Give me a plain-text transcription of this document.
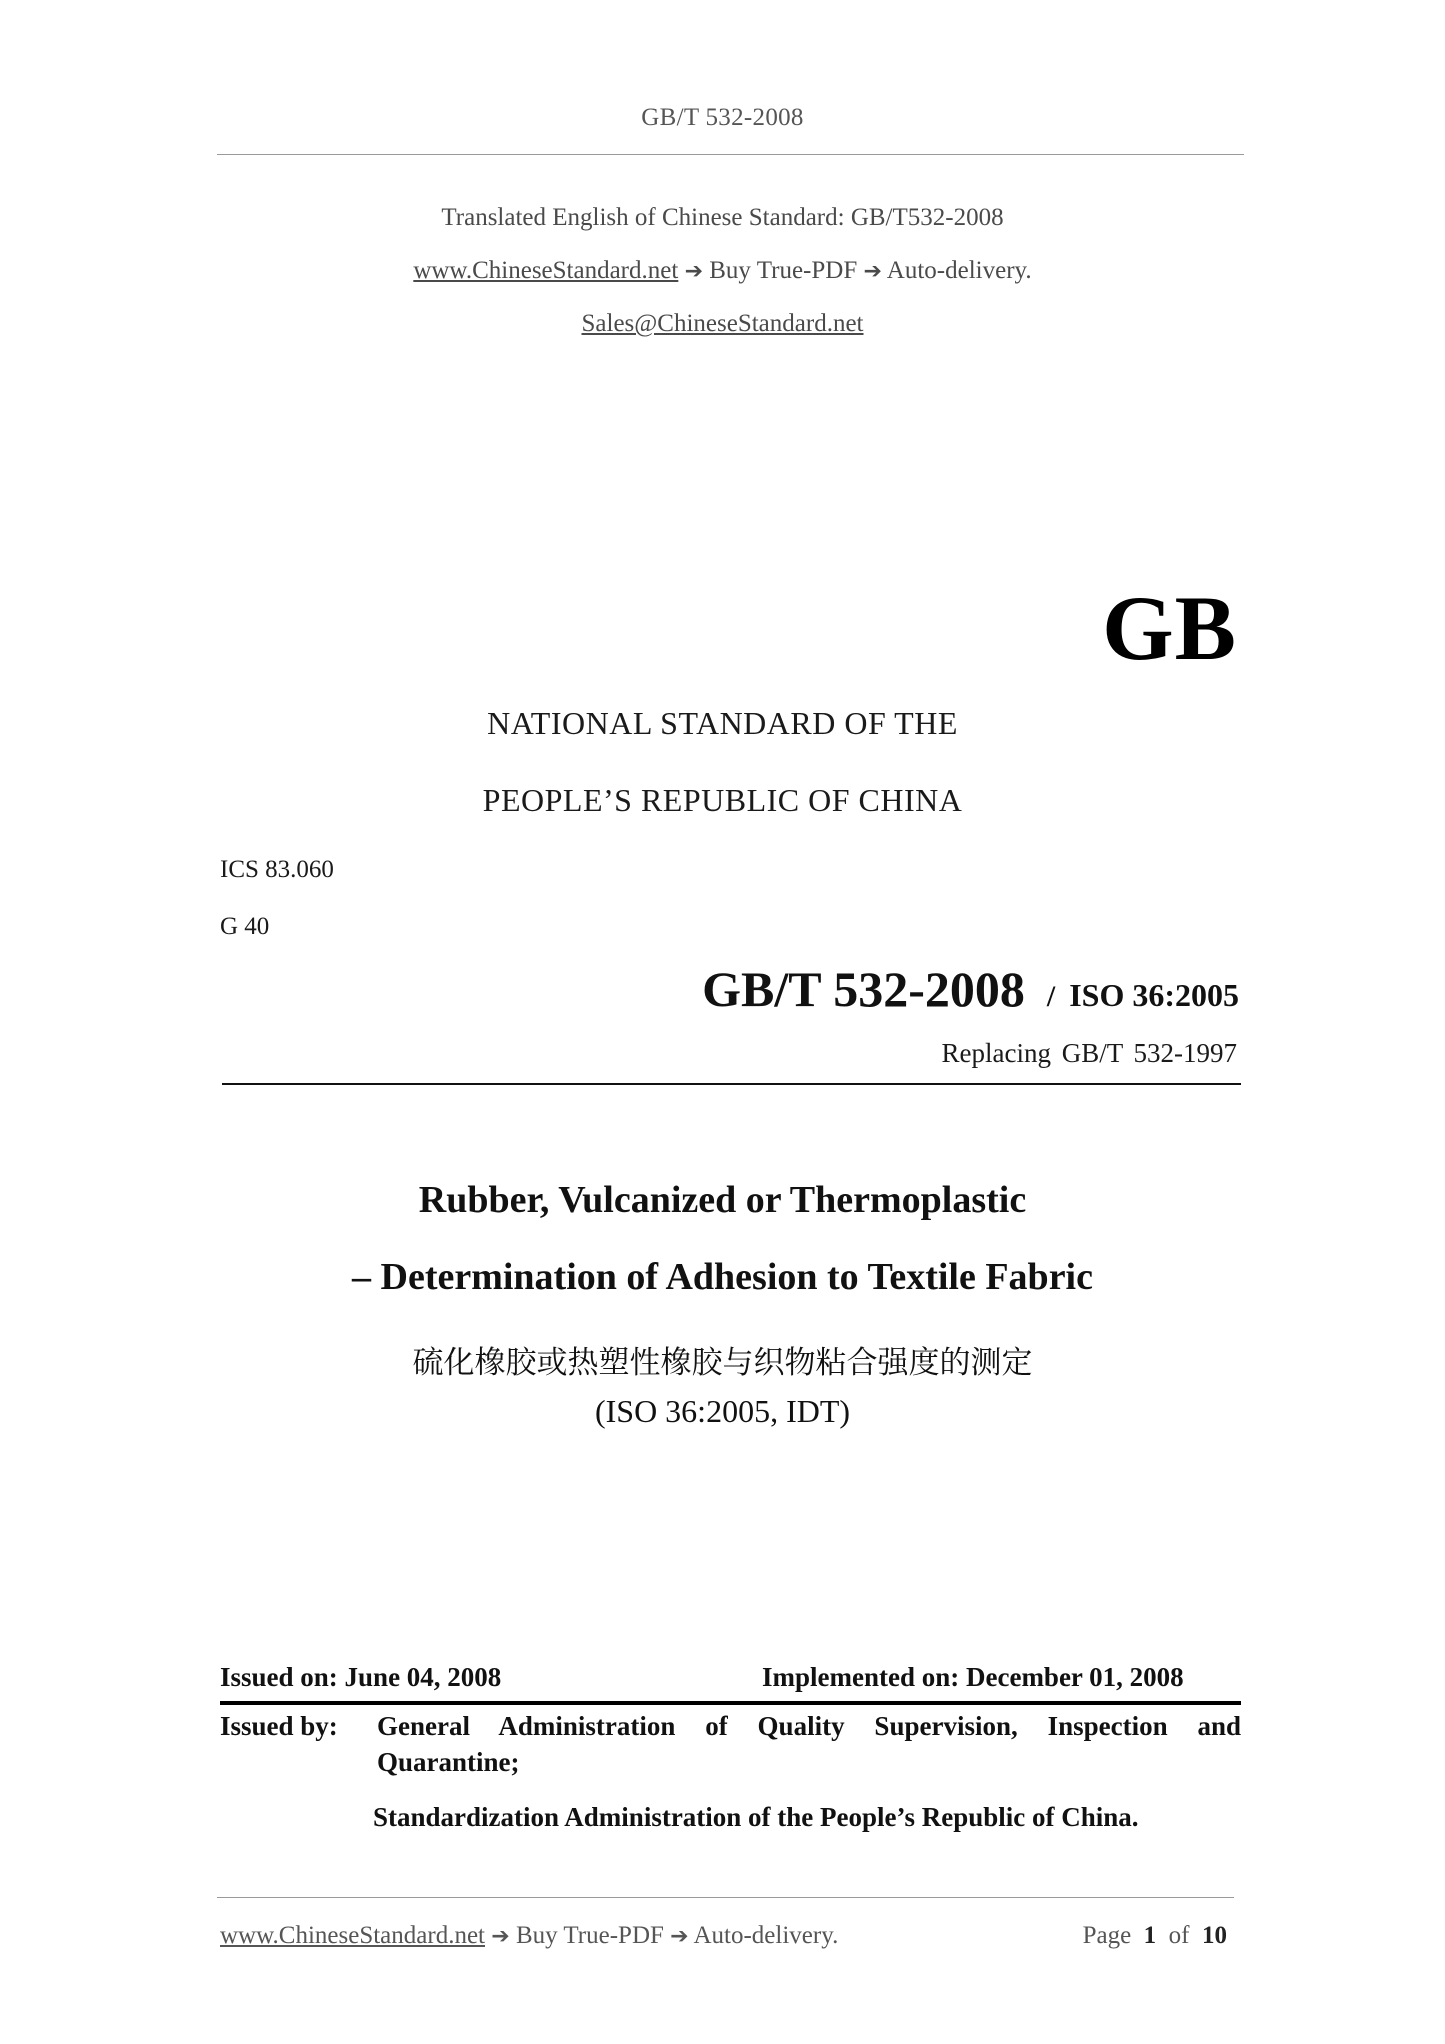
GB/T 532-2008
Translated English of Chinese Standard: GB/T532-2008
www.ChineseStandard.net ➔ Buy True-PDF ➔ Auto-delivery.
Sales@ChineseStandard.net
GB
NATIONAL STANDARD OF THE
PEOPLE’S REPUBLIC OF CHINA
ICS 83.060
G 40
GB/T 532-2008 / ISO 36:2005
Replacing GB/T 532-1997
Rubber, Vulcanized or Thermoplastic
– Determination of Adhesion to Textile Fabric
硫化橡胶或热塑性橡胶与织物粘合强度的测定
(ISO 36:2005, IDT)
Issued on: June 04, 2008	Implemented on: December 01, 2008
Issued by: General Administration of Quality Supervision, Inspection and
Quarantine;
Standardization Administration of the People’s Republic of China.
www.ChineseStandard.net ➔ Buy True-PDF ➔ Auto-delivery.	Page 1 of 10
